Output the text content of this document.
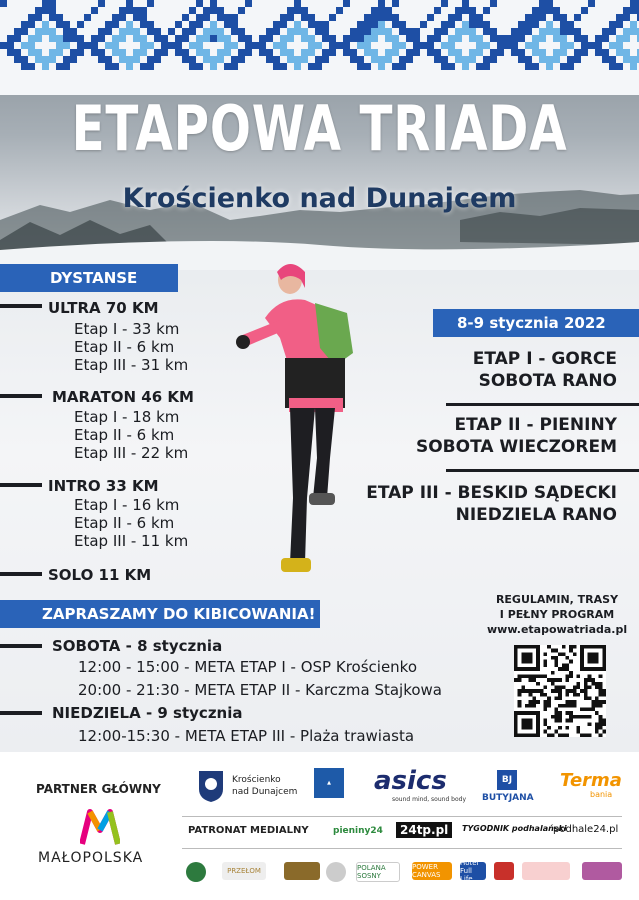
ETAPOWA TRIADA
Krościenko nad Dunajcem
DYSTANSE
ULTRA 70 KM
Etap I - 33 km
Etap II - 6 km
Etap III - 31 km
MARATON 46 KM
Etap I - 18 km
Etap II - 6 km
Etap III - 22 km
INTRO 33 KM
Etap I - 16 km
Etap II - 6 km
Etap III - 11 km
SOLO 11 KM
8-9 stycznia 2022
ETAP I - GORCE
SOBOTA RANO
ETAP II - PIENINY
SOBOTA WIECZOREM
ETAP III - BESKID SĄDECKI
NIEDZIELA RANO
ZAPRASZAMY DO KIBICOWANIA!
SOBOTA - 8 stycznia
12:00 - 15:00 - META ETAP I - OSP Krościenko
20:00 - 21:30 - META ETAP II - Karczma Stajkowa
NIEDZIELA - 9 stycznia
12:00-15:30 - META ETAP III - Plaża trawiasta
REGULAMIN, TRASY
I PEŁNY PROGRAM
www.etapowatriada.pl
PARTNER GŁÓWNY
MAŁOPOLSKA
Krościenko
nad Dunajcem
▲	asics
sound mind, sound body
BJ
BUTYJANA
Terma
bania
PATRONAT MEDIALNY	pieniny24	24tp.pl	TYGODNIK podhalański
podhale24.pl
PRZEŁOM	POLANA SOSNY
POWER CANVAS
Hotel Full Life
